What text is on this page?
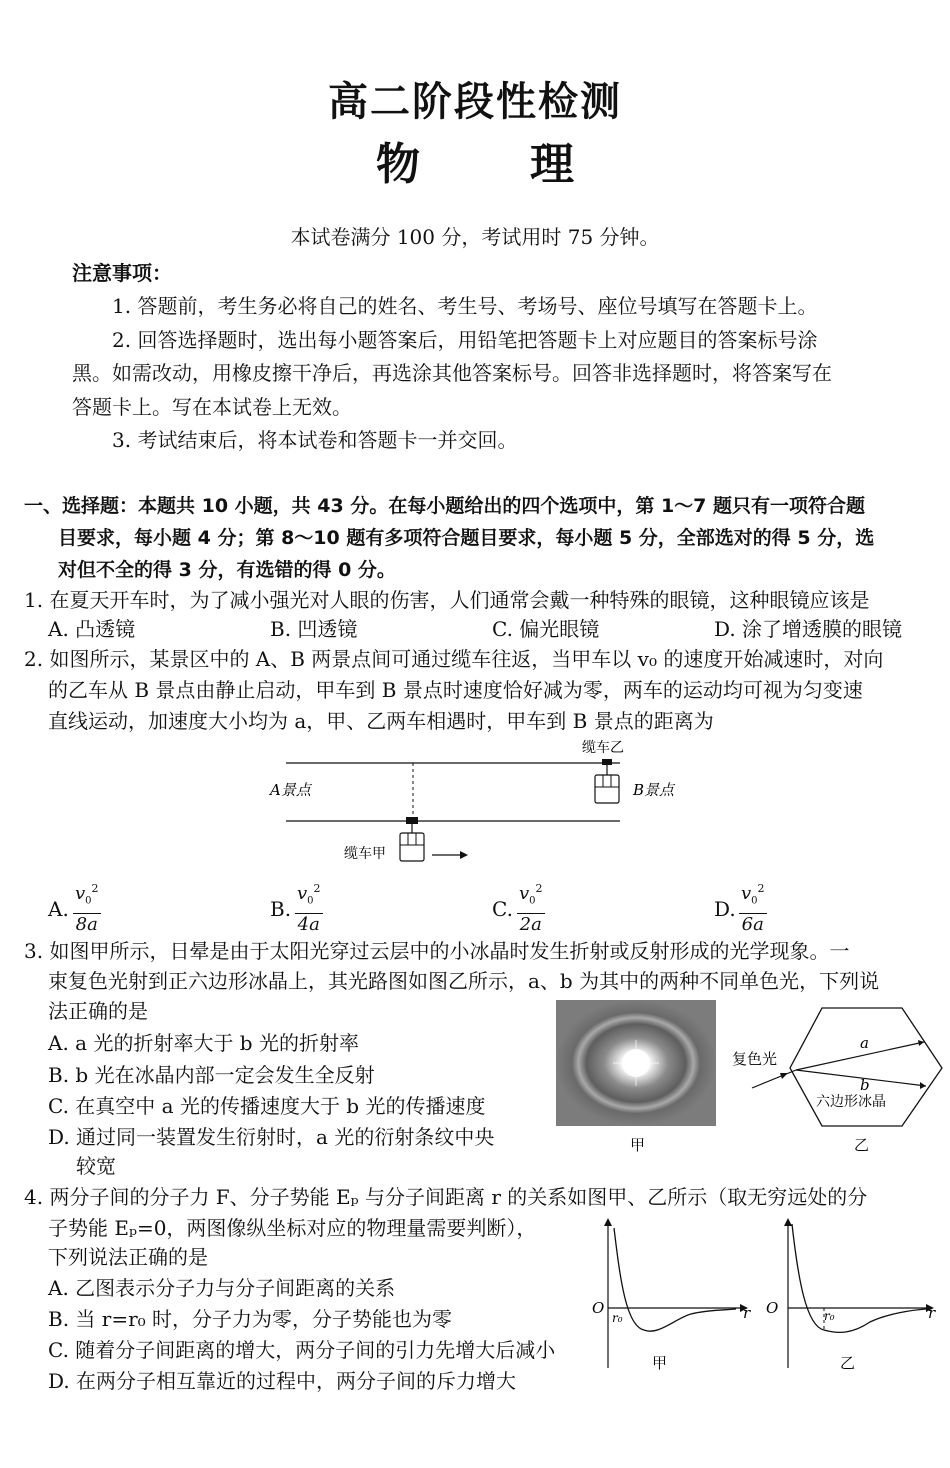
高二阶段性检测
物	理
本试卷满分 100 分，考试用时 75 分钟。
注意事项：
1. 答题前，考生务必将自己的姓名、考生号、考场号、座位号填写在答题卡上。
2. 回答选择题时，选出每小题答案后，用铅笔把答题卡上对应题目的答案标号涂
黑。如需改动，用橡皮擦干净后，再选涂其他答案标号。回答非选择题时，将答案写在
答题卡上。写在本试卷上无效。
3. 考试结束后，将本试卷和答题卡一并交回。
一、选择题：本题共 10 小题，共 43 分。在每小题给出的四个选项中，第 1～7 题只有一项符合题
目要求，每小题 4 分；第 8～10 题有多项符合题目要求，每小题 5 分，全部选对的得 5 分，选
对但不全的得 3 分，有选错的得 0 分。
1. 在夏天开车时，为了减小强光对人眼的伤害，人们通常会戴一种特殊的眼镜，这种眼镜应该是
A. 凸透镜	B. 凹透镜	C. 偏光眼镜	D. 涂了增透膜的眼镜
2. 如图所示，某景区中的 A、B 两景点间可通过缆车往返，当甲车以 v₀ 的速度开始减速时，对向
的乙车从 B 景点由静止启动，甲车到 B 景点时速度恰好减为零，两车的运动均可视为匀变速
直线运动，加速度大小均为 a，甲、乙两车相遇时，甲车到 B 景点的距离为
缆车乙
A景点	B景点
缆车甲
A. $\frac{v_0^2}{8a}$	B. $\frac{v_0^2}{4a}$	C. $\frac{v_0^2}{2a}$	D. $\frac{v_0^2}{6a}$
3. 如图甲所示，日晕是由于太阳光穿过云层中的小冰晶时发生折射或反射形成的光学现象。一
束复色光射到正六边形冰晶上，其光路图如图乙所示，a、b 为其中的两种不同单色光，下列说
法正确的是
A. a 光的折射率大于 b 光的折射率
B. b 光在冰晶内部一定会发生全反射
C. 在真空中 a 光的传播速度大于 b 光的传播速度
D. 通过同一装置发生衍射时，a 光的衍射条纹中央
较宽
甲
复色光
a
b
六边形冰晶
乙
4. 两分子间的分子力 F、分子势能 Eₚ 与分子间距离 r 的关系如图甲、乙所示（取无穷远处的分
子势能 Eₚ=0，两图像纵坐标对应的物理量需要判断），
下列说法正确的是
A. 乙图表示分子力与分子间距离的关系
B. 当 r=r₀ 时，分子力为零，分子势能也为零
C. 随着分子间距离的增大，两分子间的引力先增大后减小
D. 在两分子相互靠近的过程中，两分子间的斥力增大
O
r₀	r
甲
O	r₀	r
乙
